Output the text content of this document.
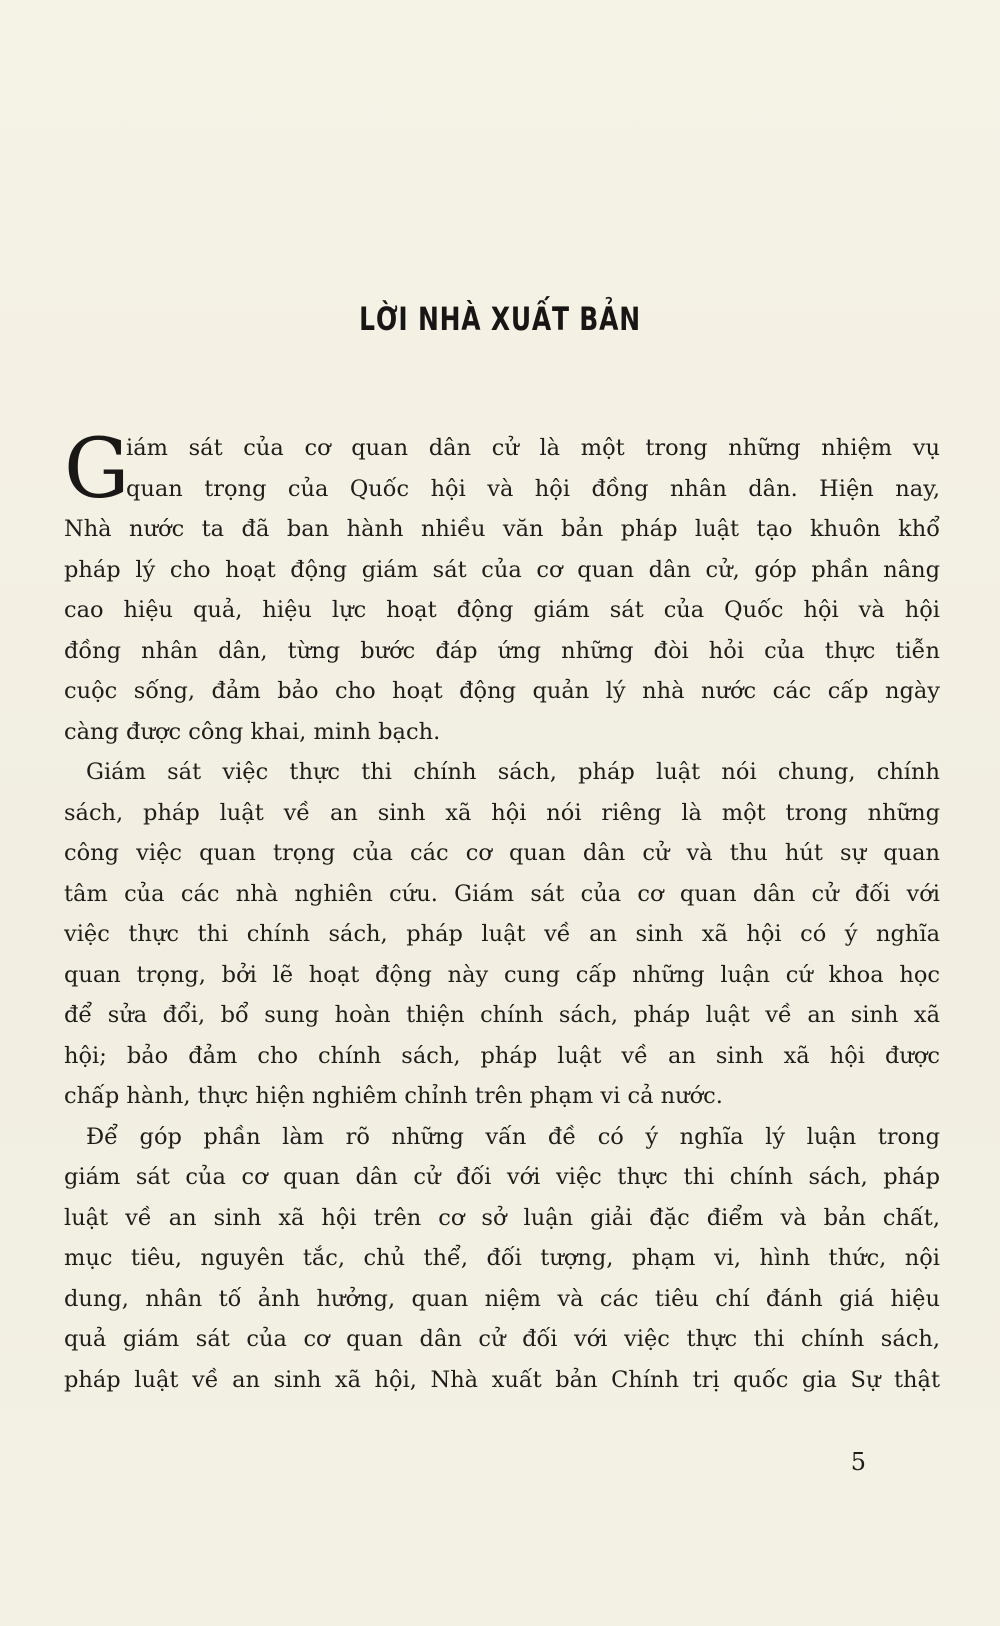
LỜI NHÀ XUẤT BẢN
G
iám sát của cơ quan dân cử là một trong những nhiệm vụ
quan trọng của Quốc hội và hội đồng nhân dân. Hiện nay,
Nhà nước ta đã ban hành nhiều văn bản pháp luật tạo khuôn khổ
pháp lý cho hoạt động giám sát của cơ quan dân cử, góp phần nâng
cao hiệu quả, hiệu lực hoạt động giám sát của Quốc hội và hội
đồng nhân dân, từng bước đáp ứng những đòi hỏi của thực tiễn
cuộc sống, đảm bảo cho hoạt động quản lý nhà nước các cấp ngày
càng được công khai, minh bạch.
Giám sát việc thực thi chính sách, pháp luật nói chung, chính
sách, pháp luật về an sinh xã hội nói riêng là một trong những
công việc quan trọng của các cơ quan dân cử và thu hút sự quan
tâm của các nhà nghiên cứu. Giám sát của cơ quan dân cử đối với
việc thực thi chính sách, pháp luật về an sinh xã hội có ý nghĩa
quan trọng, bởi lẽ hoạt động này cung cấp những luận cứ khoa học
để sửa đổi, bổ sung hoàn thiện chính sách, pháp luật về an sinh xã
hội; bảo đảm cho chính sách, pháp luật về an sinh xã hội được
chấp hành, thực hiện nghiêm chỉnh trên phạm vi cả nước.
Để góp phần làm rõ những vấn đề có ý nghĩa lý luận trong
giám sát của cơ quan dân cử đối với việc thực thi chính sách, pháp
luật về an sinh xã hội trên cơ sở luận giải đặc điểm và bản chất,
mục tiêu, nguyên tắc, chủ thể, đối tượng, phạm vi, hình thức, nội
dung, nhân tố ảnh hưởng, quan niệm và các tiêu chí đánh giá hiệu
quả giám sát của cơ quan dân cử đối với việc thực thi chính sách,
pháp luật về an sinh xã hội, Nhà xuất bản Chính trị quốc gia Sự thật
5
